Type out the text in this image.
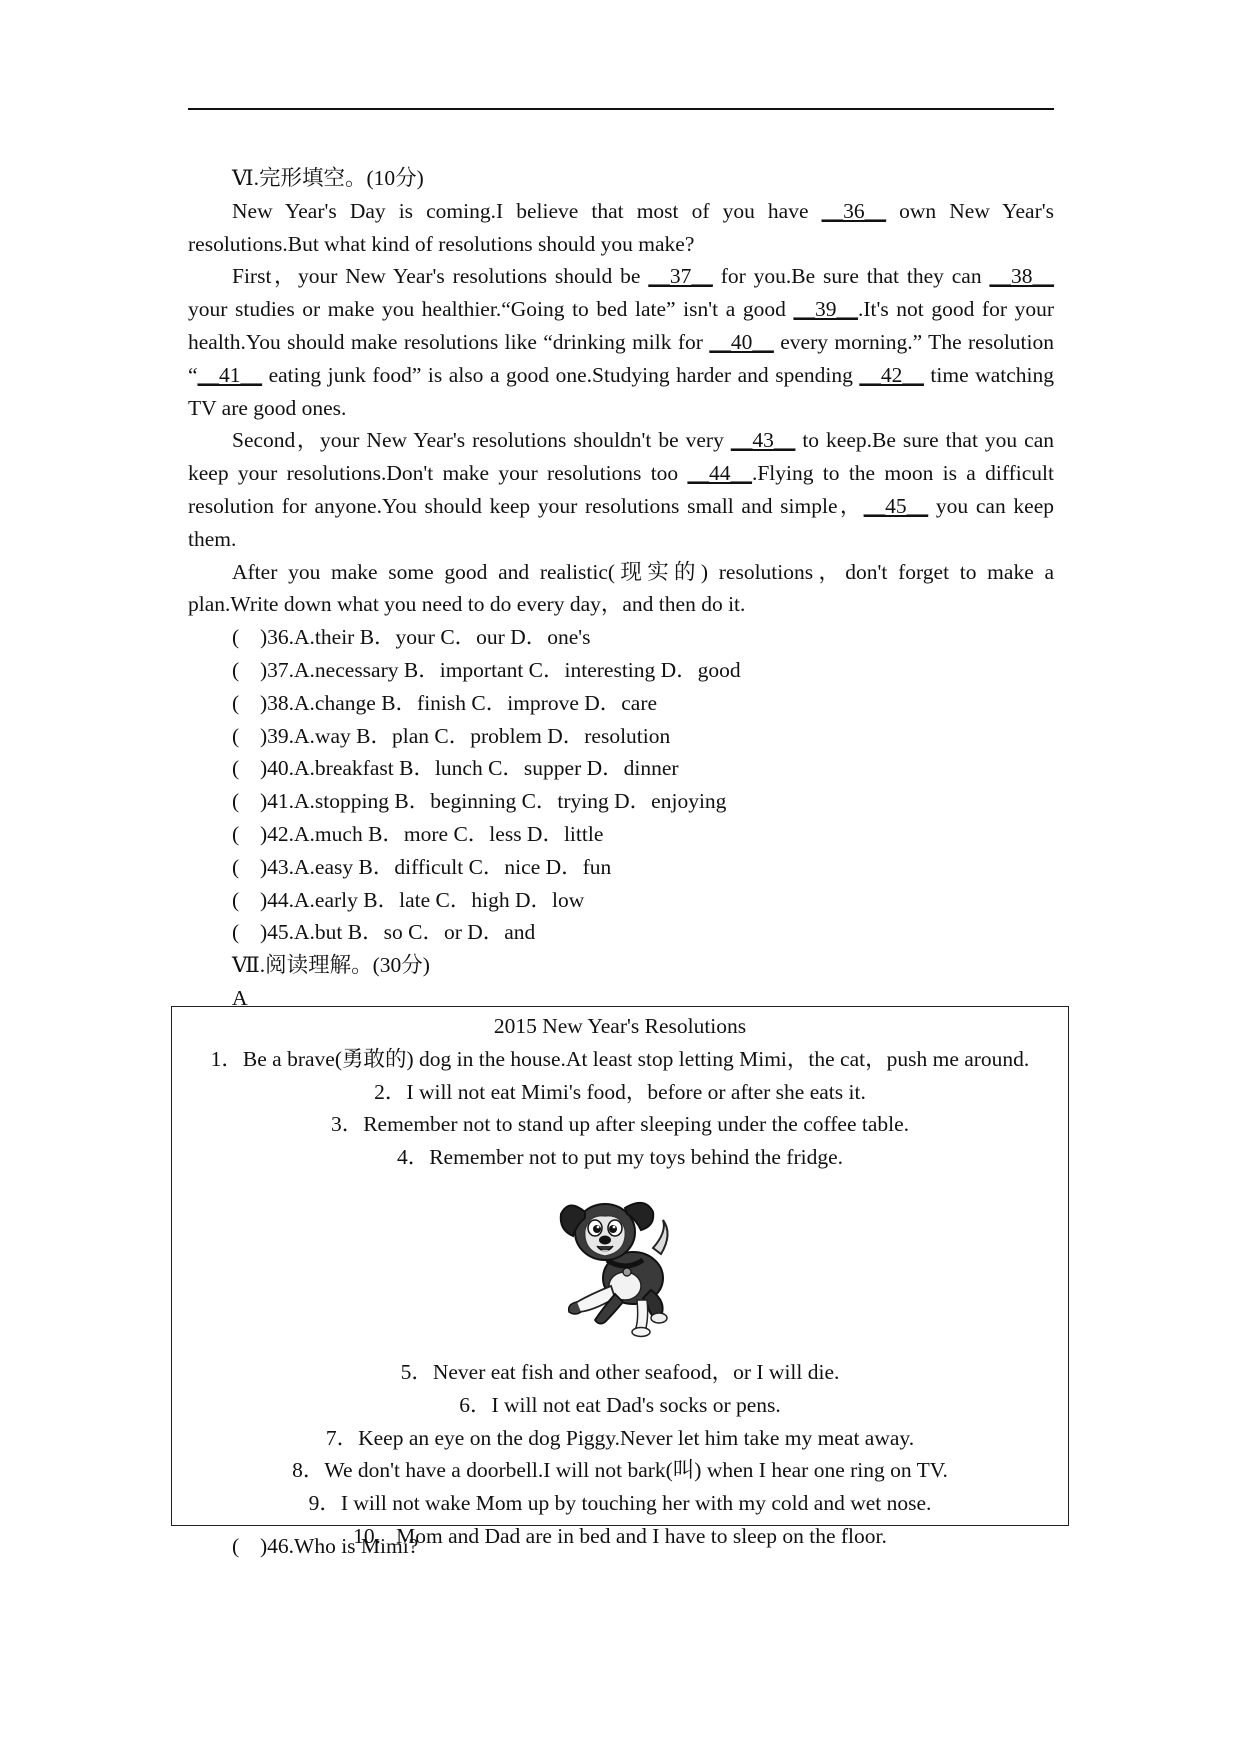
Ⅵ.完形填空。(10分)

New Year's Day is coming.I believe that most of you have __36__ own New Year's resolutions.But what kind of resolutions should you make?

First，your New Year's resolutions should be __37__ for you.Be sure that they can __38__ your studies or make you healthier.“Going to bed late” isn't a good __39__.It's not good for your health.You should make resolutions like “drinking milk for __40__ every morning.” The resolution “__41__ eating junk food” is also a good one.Studying harder and spending __42__ time watching TV are good ones.

Second，your New Year's resolutions shouldn't be very __43__ to keep.Be sure that you can keep your resolutions.Don't make your resolutions too __44__.Flying to the moon is a difficult resolution for anyone.You should keep your resolutions small and simple，__45__ you can keep them.

After you make some good and realistic(现实的) resolutions，don't forget to make a plan.Write down what you need to do every day，and then do it.

( )36.A.their B．your C．our D．one's

( )37.A.necessary B．important C．interesting D．good

( )38.A.change B．finish C．improve D．care

( )39.A.way B．plan C．problem D．resolution

( )40.A.breakfast B．lunch C．supper D．dinner

( )41.A.stopping B．beginning C．trying D．enjoying

( )42.A.much B．more C．less D．little

( )43.A.easy B．difficult C．nice D．fun

( )44.A.early B．late C．high D．low

( )45.A.but B．so C．or D．and

Ⅶ.阅读理解。(30分)

A

2015 New Year's Resolutions

1．Be a brave(勇敢的) dog in the house.At least stop letting Mimi，the cat，push me around.

2．I will not eat Mimi's food，before or after she eats it.

3．Remember not to stand up after sleeping under the coffee table.

4．Remember not to put my toys behind the fridge.

5．Never eat fish and other seafood，or I will die.

6．I will not eat Dad's socks or pens.

7．Keep an eye on the dog Piggy.Never let him take my meat away.

8．We don't have a doorbell.I will not bark(叫) when I hear one ring on TV.

9．I will not wake Mom up by touching her with my cold and wet nose.

10．Mom and Dad are in bed and I have to sleep on the floor.

( )46.Who is Mimi?
